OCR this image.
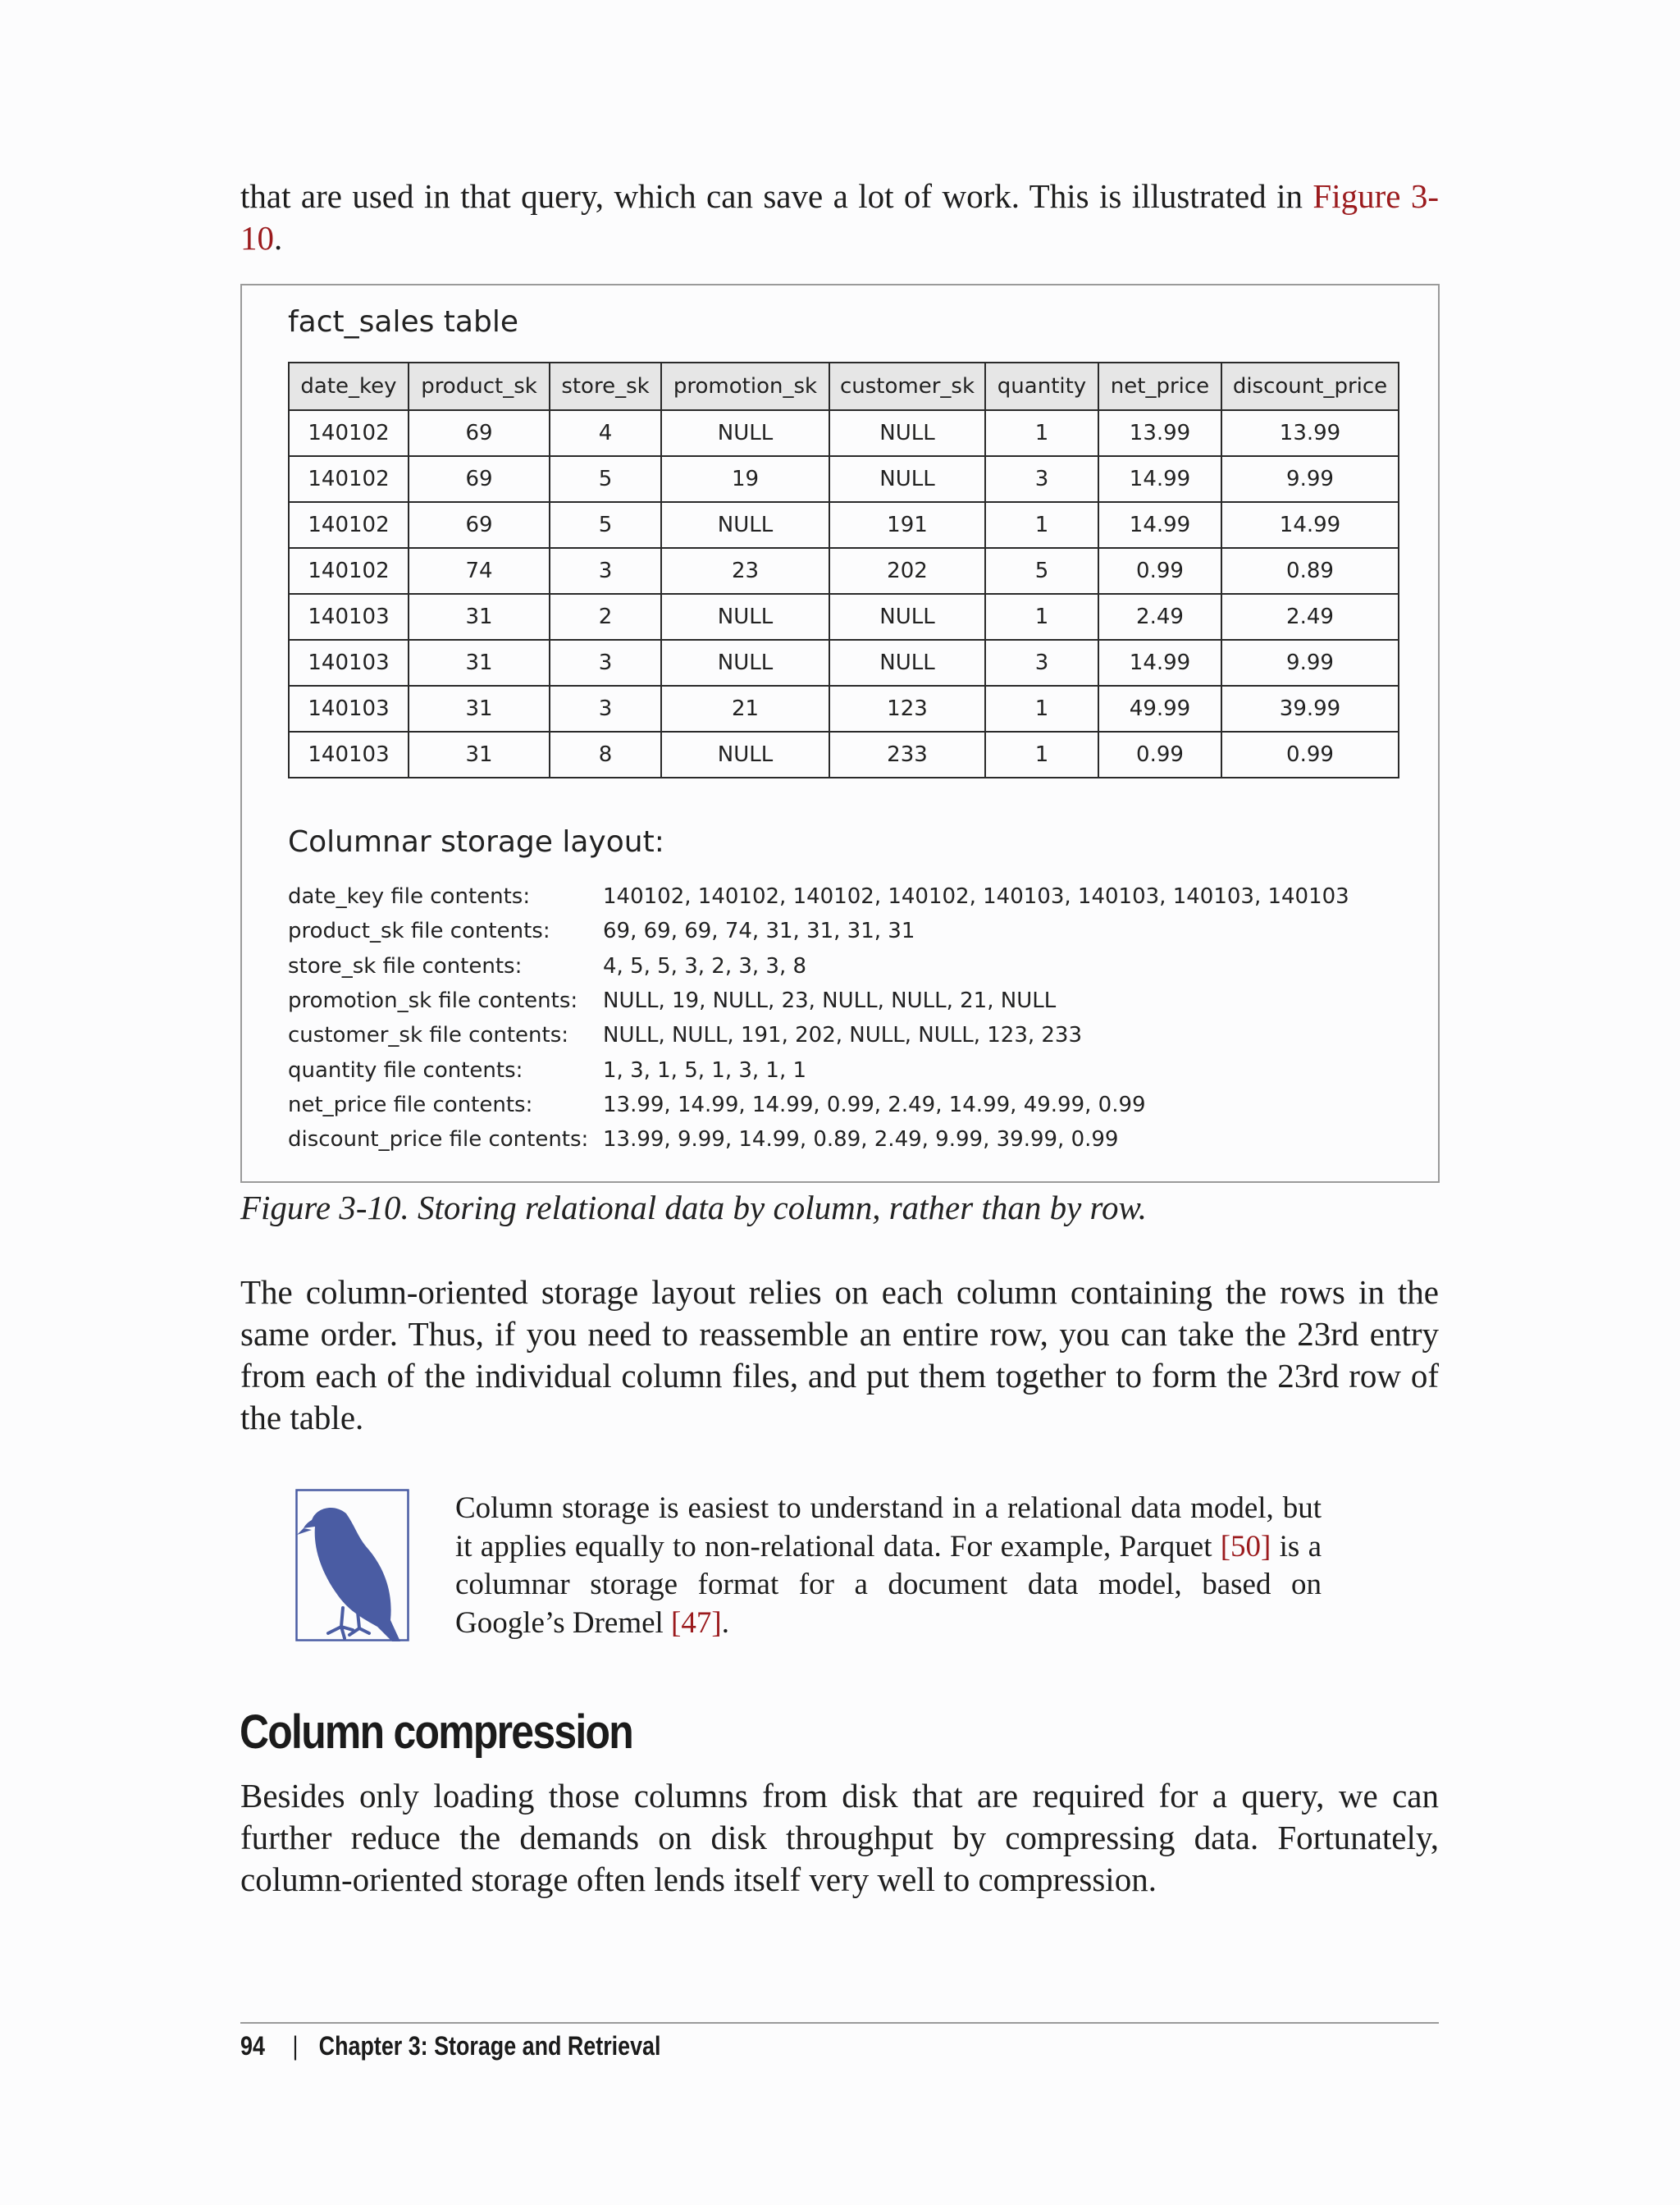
that are used in that query, which can save a lot of work. This is illustrated in Figure 3-10.

fact_sales table
date_key	product_sk	store_sk	promotion_sk	customer_sk	quantity	net_price	discount_price
140102	69	4	NULL	NULL	1	13.99	13.99
140102	69	5	19	NULL	3	14.99	9.99
140102	69	5	NULL	191	1	14.99	14.99
140102	74	3	23	202	5	0.99	0.89
140103	31	2	NULL	NULL	1	2.49	2.49
140103	31	3	NULL	NULL	3	14.99	9.99
140103	31	3	21	123	1	49.99	39.99
140103	31	8	NULL	233	1	0.99	0.99
Columnar storage layout:
date_key file contents:	140102, 140102, 140102, 140102, 140103, 140103, 140103, 140103
product_sk file contents:	69, 69, 69, 74, 31, 31, 31, 31
store_sk file contents:	4, 5, 5, 3, 2, 3, 3, 8
promotion_sk file contents:	NULL, 19, NULL, 23, NULL, NULL, 21, NULL
customer_sk file contents:	NULL, NULL, 191, 202, NULL, NULL, 123, 233
quantity file contents:	1, 3, 1, 5, 1, 3, 1, 1
net_price file contents:	13.99, 14.99, 14.99, 0.99, 2.49, 14.99, 49.99, 0.99
discount_price file contents: 13.99, 9.99, 14.99, 0.89, 2.49, 9.99, 39.99, 0.99
Figure 3-10. Storing relational data by column, rather than by row.

The column-oriented storage layout relies on each column containing the rows in the same order. Thus, if you need to reassemble an entire row, you can take the 23rd entry from each of the individual column files, and put them together to form the 23rd row of the table.

Column storage is easiest to understand in a relational data model, but it applies equally to non-relational data. For example, Parquet [50] is a columnar storage format for a document data model, based on Google’s Dremel [47].

Column compression

Besides only loading those columns from disk that are required for a query, we can further reduce the demands on disk throughput by compressing data. Fortunately, column-oriented storage often lends itself very well to compression.

94 | Chapter 3: Storage and Retrieval
